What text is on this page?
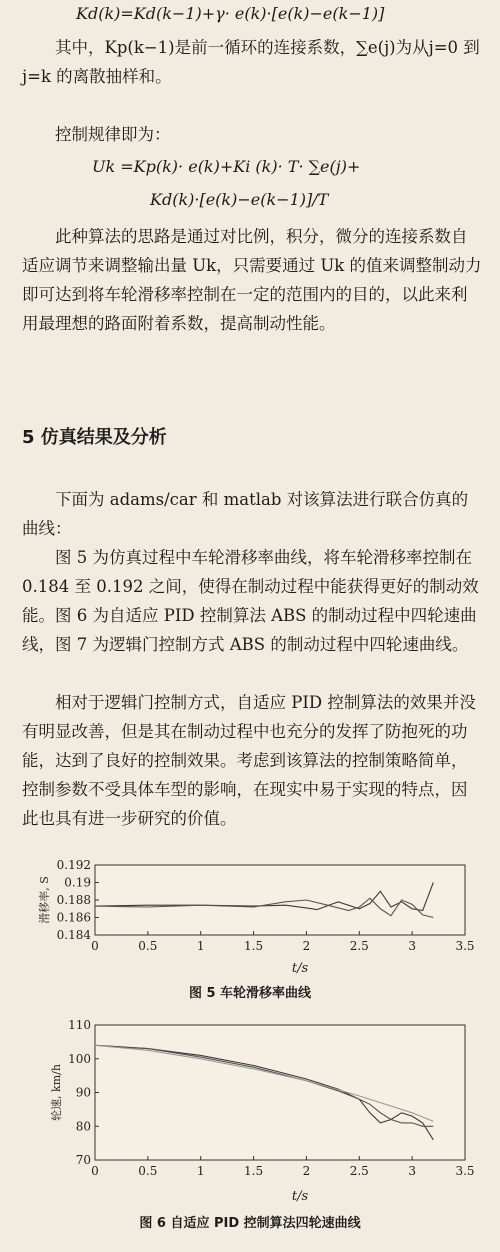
Kd(k)=Kd(k−1)+γ· e(k)·[e(k)−e(k−1)]

其中，Kp(k−1)是前一循环的连接系数，∑e(j)为从j=0 到j=k 的离散抽样和。

控制规律即为：

Uk =Kp(k)· e(k)+Ki (k)· T· ∑e(j)+
Kd(k)·[e(k)−e(k−1)]/T

此种算法的思路是通过对比例，积分，微分的连接系数自适应调节来调整输出量 Uk，只需要通过 Uk 的值来调整制动力即可达到将车轮滑移率控制在一定的范围内的目的，以此来利用最理想的路面附着系数，提高制动性能。

5 仿真结果及分析

下面为 adams/car 和 matlab 对该算法进行联合仿真的曲线：

图 5 为仿真过程中车轮滑移率曲线，将车轮滑移率控制在 0.184 至 0.192 之间，使得在制动过程中能获得更好的制动效能。图 6 为自适应 PID 控制算法 ABS 的制动过程中四轮速曲线，图 7 为逻辑门控制方式 ABS 的制动过程中四轮速曲线。

相对于逻辑门控制方式，自适应 PID 控制算法的效果并没有明显改善，但是其在制动过程中也充分的发挥了防抱死的功能，达到了良好的控制效果。考虑到该算法的控制策略简单，控制参数不受具体车型的影响，在现实中易于实现的特点，因此也具有进一步研究的价值。

0.184
0.186
0.188
0.19
0.192
0	0.5	1	1.5	2	2.5	3	3.5
t/s
滑移率, S
图 5 车轮滑移率曲线
70
80
90
100
110
0	0.5	1	1.5	2	2.5	3	3.5
t/s
轮速, km/h
图 6 自适应 PID 控制算法四轮速曲线
